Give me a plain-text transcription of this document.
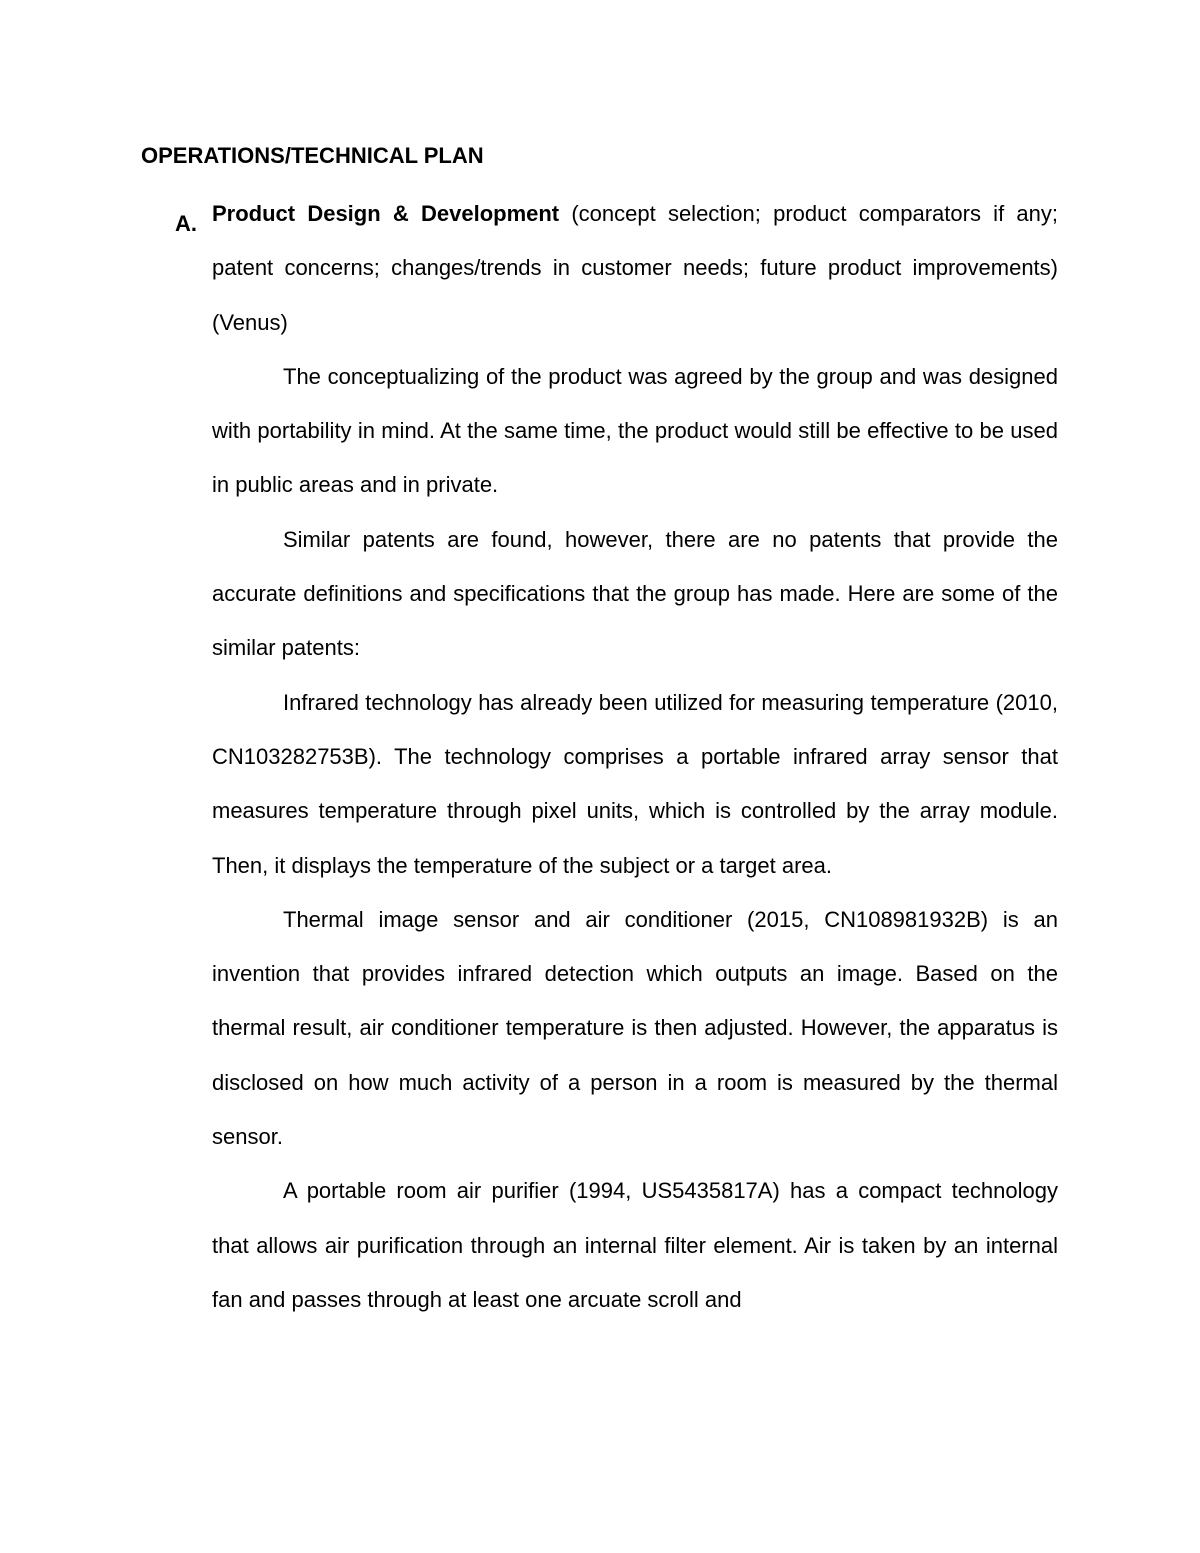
OPERATIONS/TECHNICAL PLAN
A. Product Design & Development (concept selection; product comparators if any; patent concerns; changes/trends in customer needs; future product improvements) (Venus)

The conceptualizing of the product was agreed by the group and was designed with portability in mind. At the same time, the product would still be effective to be used in public areas and in private.

Similar patents are found, however, there are no patents that provide the accurate definitions and specifications that the group has made. Here are some of the similar patents:

Infrared technology has already been utilized for measuring temperature (2010, CN103282753B). The technology comprises a portable infrared array sensor that measures temperature through pixel units, which is controlled by the array module. Then, it displays the temperature of the subject or a target area.

Thermal image sensor and air conditioner (2015, CN108981932B) is an invention that provides infrared detection which outputs an image. Based on the thermal result, air conditioner temperature is then adjusted. However, the apparatus is disclosed on how much activity of a person in a room is measured by the thermal sensor.

A portable room air purifier (1994, US5435817A) has a compact technology that allows air purification through an internal filter element. Air is taken by an internal fan and passes through at least one arcuate scroll and
